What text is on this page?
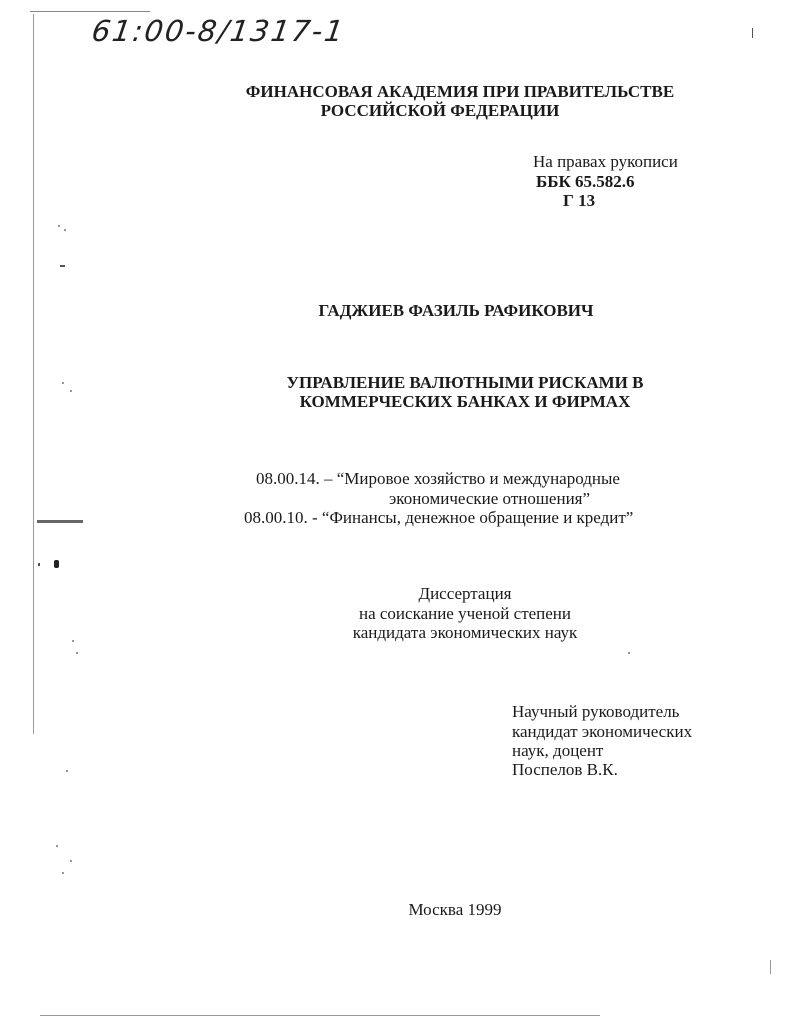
61:00-8/1317-1
ФИНАНСОВАЯ АКАДЕМИЯ ПРИ ПРАВИТЕЛЬСТВЕ
РОССИЙСКОЙ ФЕДЕРАЦИИ
На правах рукописи
ББК 65.582.6
Г 13
ГАДЖИЕВ ФАЗИЛЬ РАФИКОВИЧ
УПРАВЛЕНИЕ ВАЛЮТНЫМИ РИСКАМИ В
КОММЕРЧЕСКИХ БАНКАХ И ФИРМАХ
08.00.14. – “Мировое хозяйство и международные
экономические отношения”
08.00.10. - “Финансы, денежное обращение и кредит”
Диссертация
на соискание ученой степени
кандидата экономических наук
Научный руководитель
кандидат экономических
наук, доцент
Поспелов В.К.
Москва 1999
